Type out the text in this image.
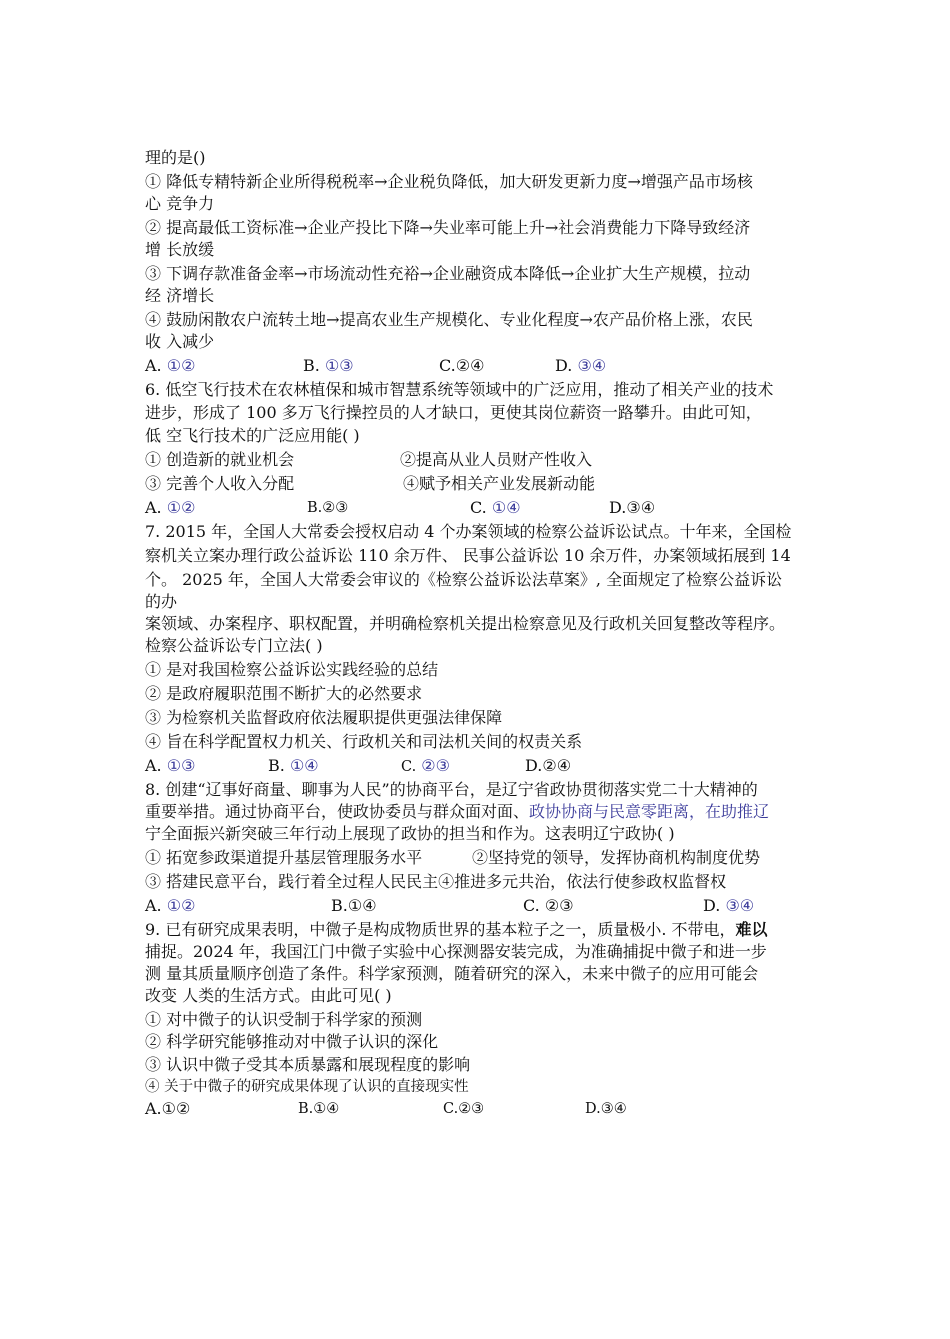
理的是()
① 降低专精特新企业所得税税率→企业税负降低，加大研发更新力度→增强产品市场核
心 竞争力
② 提高最低工资标准→企业产投比下降→失业率可能上升→社会消费能力下降导致经济
增 长放缓
③ 下调存款准备金率→市场流动性充裕→企业融资成本降低→企业扩大生产规模，拉动
经 济增长
④ 鼓励闲散农户流转土地→提高农业生产规模化、专业化程度→农产品价格上涨，农民
收 入减少
A. ①②	B. ①③	C.②④	D. ③④
6. 低空飞行技术在农林植保和城市智慧系统等领域中的广泛应用，推动了相关产业的技术
进步，形成了 100 多万飞行操控员的人才缺口，更使其岗位薪资一路攀升。由此可知，
低 空飞行技术的广泛应用能( )
① 创造新的就业机会	②提高从业人员财产性收入
③ 完善个人收入分配	④赋予相关产业发展新动能
A. ①②	B.②③	C. ①④	D.③④
7. 2015 年，全国人大常委会授权启动 4 个办案领域的检察公益诉讼试点。十年来，全国检
察机关立案办理行政公益诉讼 110 余万件、 民事公益诉讼 10 余万件，办案领域拓展到 14
个。 2025 年，全国人大常委会审议的《检察公益诉讼法草案》, 全面规定了检察公益诉讼
的办
案领域、办案程序、职权配置，并明确检察机关提出检察意见及行政机关回复整改等程序。
检察公益诉讼专门立法( )
① 是对我国检察公益诉讼实践经验的总结
② 是政府履职范围不断扩大的必然要求
③ 为检察机关监督政府依法履职提供更强法律保障
④ 旨在科学配置权力机关、行政机关和司法机关间的权责关系
A. ①③	B. ①④	C. ②③	D.②④
8. 创建“辽事好商量、聊事为人民”的协商平台，是辽宁省政协贯彻落实党二十大精神的
重要举措。通过协商平台，使政协委员与群众面对面、政协协商与民意零距离，在助推辽
宁全面振兴新突破三年行动上展现了政协的担当和作为。这表明辽宁政协( )
① 拓宽参政渠道提升基层管理服务水平	②坚持党的领导，发挥协商机构制度优势
③ 搭建民意平台，践行着全过程人民民主④推进多元共治，依法行使参政权监督权
A. ①②	B.①④	C. ②③	D. ③④
9. 已有研究成果表明，中微子是构成物质世界的基本粒子之一，质量极小. 不带电，难以
捕捉。2024 年，我国江门中微子实验中心探测器安装完成，为准确捕捉中微子和进一步
测 量其质量顺序创造了条件。科学家预测，随着研究的深入，未来中微子的应用可能会
改变 人类的生活方式。由此可见( )
① 对中微子的认识受制于科学家的预测
② 科学研究能够推动对中微子认识的深化
③ 认识中微子受其本质暴露和展现程度的影响
④ 关于中微子的研究成果体现了认识的直接现实性
A.①②	B.①④	C.②③	D.③④
